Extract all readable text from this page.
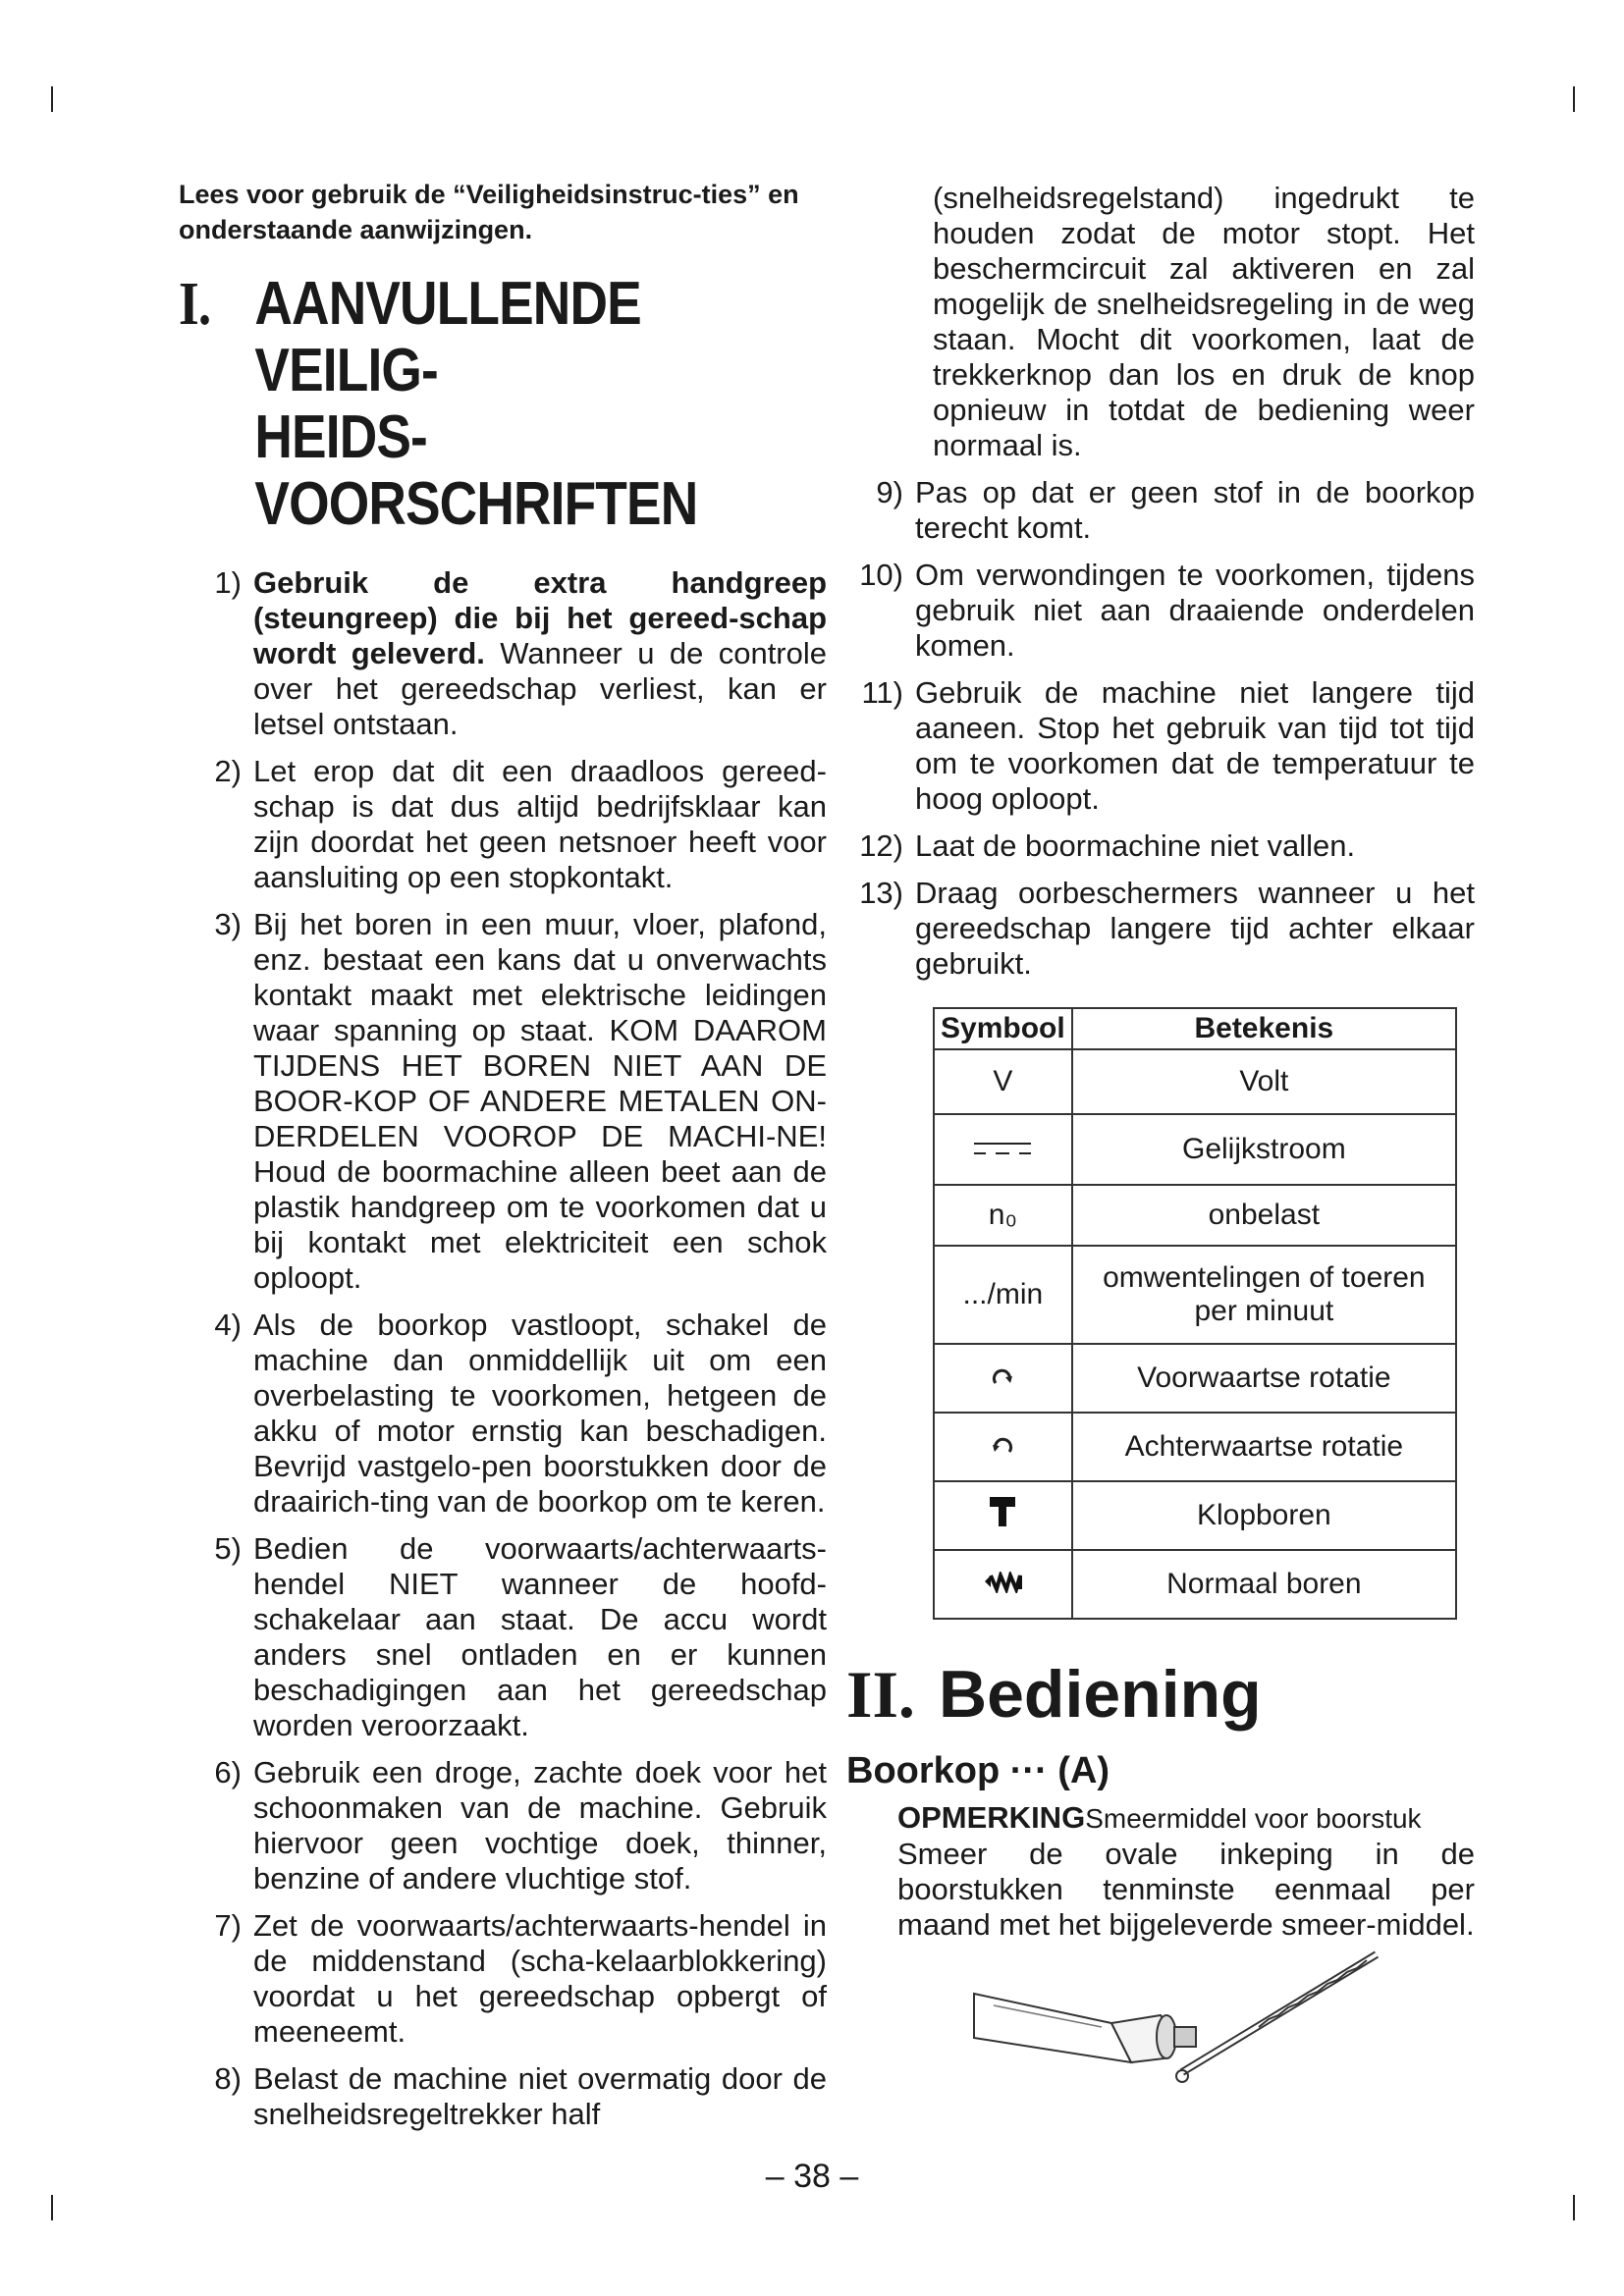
Lees voor gebruik de “Veiligheidsinstruc-ties” en onderstaande aanwijzingen.

I. AANVULLENDE VEILIG-
HEIDS-VOORSCHRIFTEN
1) Gebruik de extra handgreep (steungreep) die bij het gereed-schap wordt geleverd. Wanneer u de controle over het gereedschap verliest, kan er letsel ontstaan.
2) Let erop dat dit een draadloos gereed-schap is dat dus altijd bedrijfsklaar kan zijn doordat het geen netsnoer heeft voor aansluiting op een stopkontakt.
3) Bij het boren in een muur, vloer, plafond, enz. bestaat een kans dat u onverwachts kontakt maakt met elektrische leidingen waar spanning op staat. KOM DAAROM TIJDENS HET BOREN NIET AAN DE BOOR-KOP OF ANDERE METALEN ON-DERDELEN VOOROP DE MACHI-NE! Houd de boormachine alleen beet aan de plastik handgreep om te voorkomen dat u bij kontakt met elektriciteit een schok oploopt.
4) Als de boorkop vastloopt, schakel de machine dan onmiddellijk uit om een overbelasting te voorkomen, hetgeen de akku of motor ernstig kan beschadigen. Bevrijd vastgelo-pen boorstukken door de draairich-ting van de boorkop om te keren.
5) Bedien de voorwaarts/achterwaarts-hendel NIET wanneer de hoofd-schakelaar aan staat. De accu wordt anders snel ontladen en er kunnen beschadigingen aan het gereedschap worden veroorzaakt.
6) Gebruik een droge, zachte doek voor het schoonmaken van de machine. Gebruik hiervoor geen vochtige doek, thinner, benzine of andere vluchtige stof.
7) Zet de voorwaarts/achterwaarts-hendel in de middenstand (scha-kelaarblokkering) voordat u het gereedschap opbergt of meeneemt.
8) Belast de machine niet overmatig door de snelheidsregeltrekker half

(snelheidsregelstand) ingedrukt te houden zodat de motor stopt. Het beschermcircuit zal aktiveren en zal mogelijk de snelheidsregeling in de weg staan. Mocht dit voorkomen, laat de trekkerknop dan los en druk de knop opnieuw in totdat de bediening weer normaal is.

9) Pas op dat er geen stof in de boorkop terecht komt.
10) Om verwondingen te voorkomen, tijdens gebruik niet aan draaiende onderdelen komen.
11) Gebruik de machine niet langere tijd aaneen. Stop het gebruik van tijd tot tijd om te voorkomen dat de temperatuur te hoog oploopt.
12) Laat de boormachine niet vallen.
13) Draag oorbeschermers wanneer u het gereedschap langere tijd achter elkaar gebruikt.
Symbool	Betekenis
V	Volt
	Gelijkstroom
n₀	onbelast
.../min	omwentelingen of toeren per minuut
	Voorwaartse rotatie
	Achterwaartse rotatie
	Klopboren
	Normaal boren
II. Bediening
Boorkop ··· (A)
OPMERKINGSmeermiddel voor boorstuk
Smeer de ovale inkeping in de boorstukken tenminste eenmaal per maand met het bijgeleverde smeer-middel.
– 38 –
